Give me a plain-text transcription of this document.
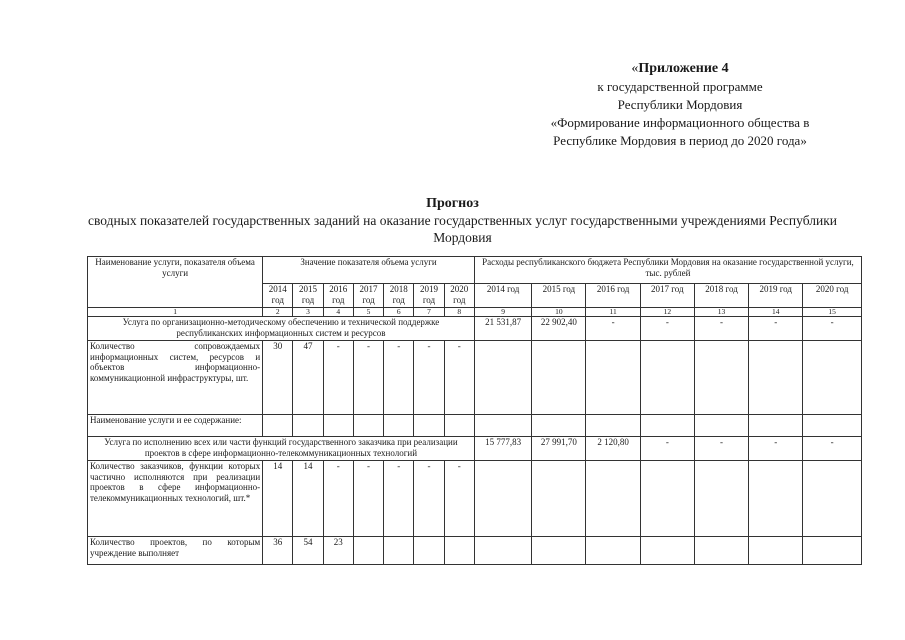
«Приложение 4
к государственной программе
Республики Мордовия
«Формирование информационного общества в
Республике Мордовия в период до 2020 года»
Прогноз
сводных показателей государственных заданий на оказание государственных услуг государственными учреждениями Республики Мордовия
Наименование услуги, показателя объема услуги	Значение показателя объема услуги							Расходы республиканского бюджета Республики Мордовия на оказание государственной услуги, тыс. рублей						
	2014 год	2015 год	2016 год	2017 год	2018 год	2019 год	2020 год	2014 год	2015 год	2016 год	2017 год	2018 год	2019 год	2020 год
1	2	3	4	5	6	7	8	9	10	11	12	13	14	15
Услуга по организационно-методическому обеспечению и технической поддержке республиканских информационных систем и ресурсов								21 531,87	22 902,40	-	-	-	-	-
Количество сопровождаемых информационных систем, ресурсов и объектов информационно-коммуникационной инфраструктуры, шт.	30	47	-	-	-	-	-							
Наименование услуги и ее содержание:														
Услуга по исполнению всех или части функций государственного заказчика при реализации проектов в сфере информационно-телекоммуникационных технологий								15 777,83	27 991,70	2 120,80	-	-	-	-
Количество заказчиков, функции которых частично исполняются при реализации проектов в сфере информационно-телекоммуникационных технологий, шт.*	14	14	-	-	-	-	-							
Количество проектов, по которым учреждение выполняет	36	54	23											
